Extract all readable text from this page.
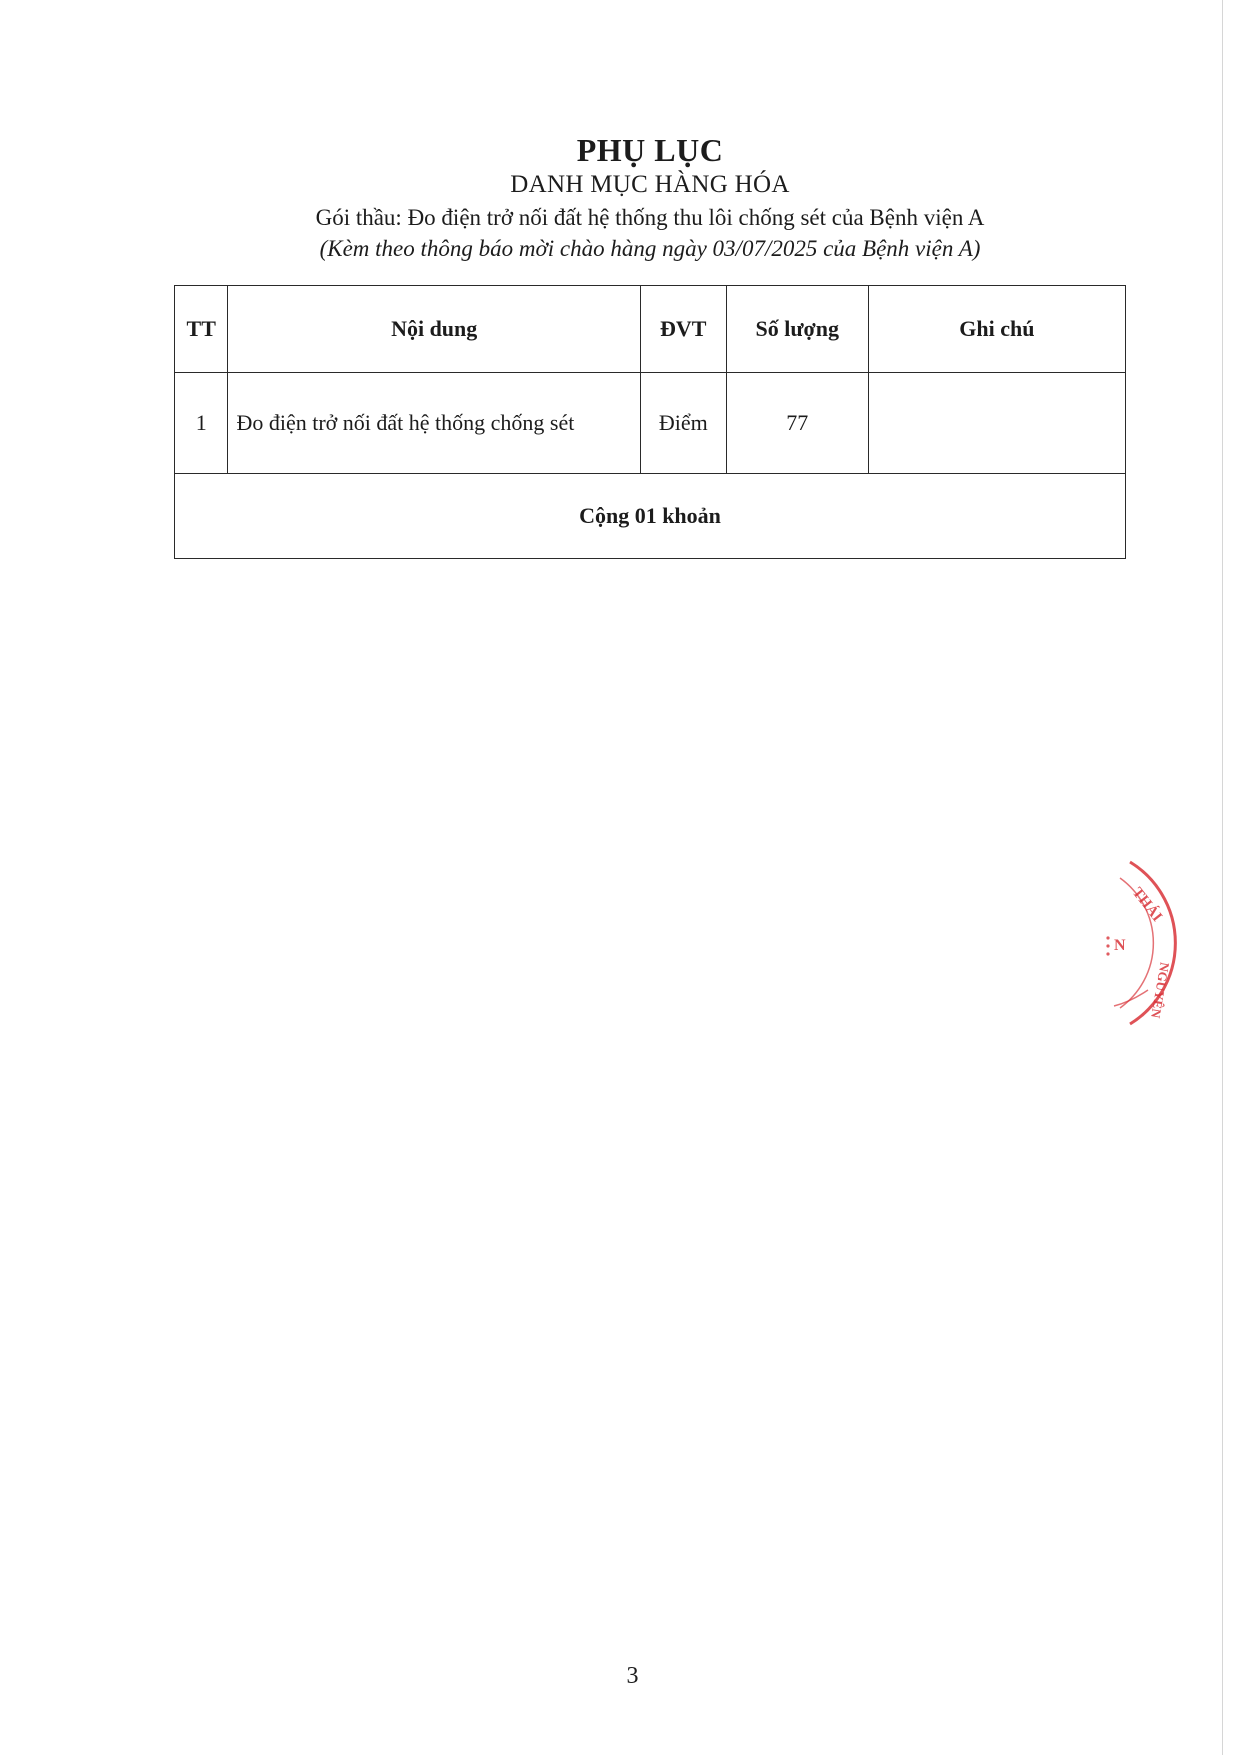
PHỤ LỤC
DANH MỤC HÀNG HÓA
Gói thầu: Đo điện trở nối đất hệ thống thu lôi chống sét của Bệnh viện A
(Kèm theo thông báo mời chào hàng ngày 03/07/2025 của Bệnh viện A)
TT	Nội dung	ĐVT	Số lượng	Ghi chú
1	Đo điện trở nối đất hệ thống chống sét	Điểm	77	
Cộng 01 khoản				
THÁI
N
NGUYÊN
3
